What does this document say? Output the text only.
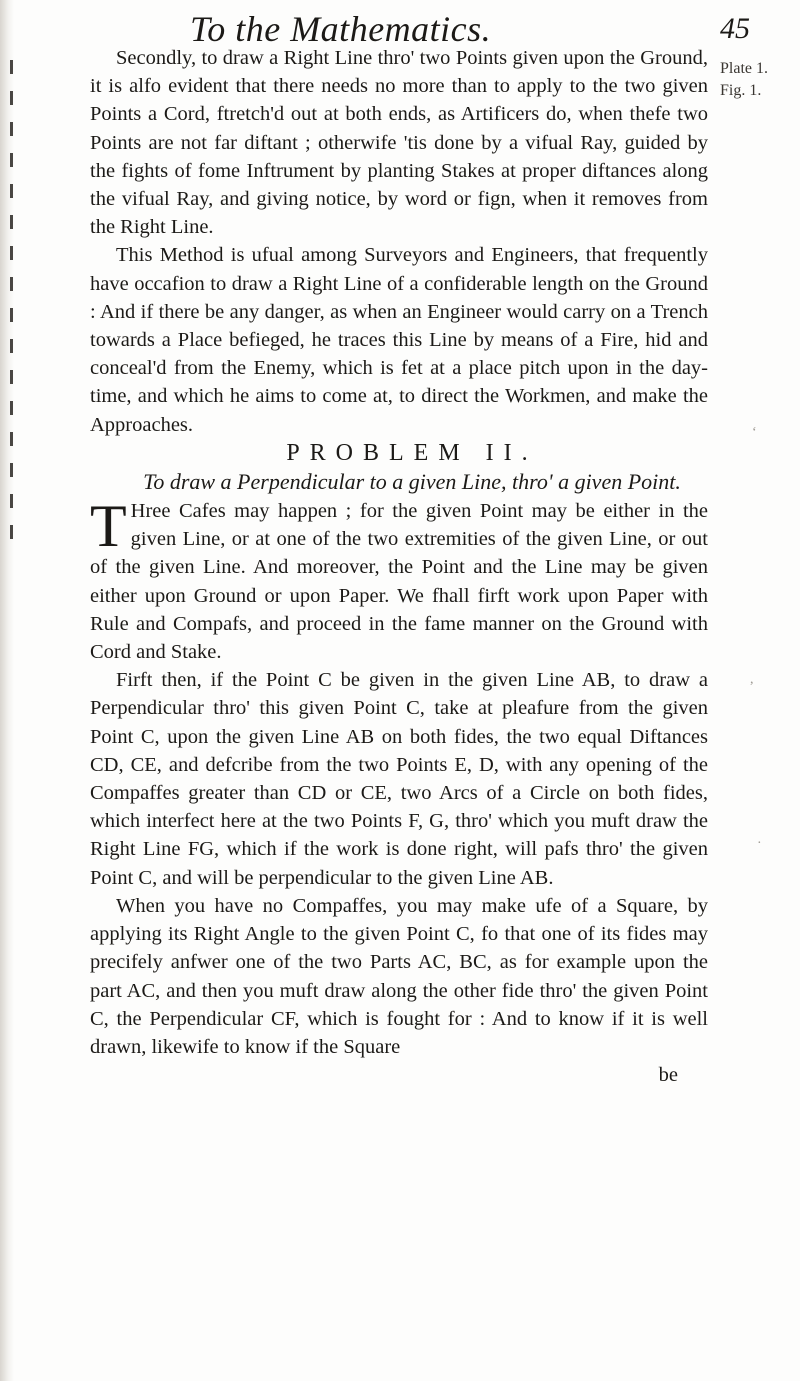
To the Mathematics.	45
Plate 1.
Fig. 1.

Secondly, to draw a Right Line thro' two Points given upon the Ground, it is alfo evident that there needs no more than to apply to the two given Points a Cord, ftretch'd out at both ends, as Artificers do, when thefe two Points are not far diftant ; otherwife 'tis done by a vifual Ray, guided by the fights of fome Inftrument by planting Stakes at proper diftances along the vifual Ray, and giving notice, by word or fign, when it removes from the Right Line.

This Method is ufual among Surveyors and Engineers, that frequently have occafion to draw a Right Line of a confiderable length on the Ground : And if there be any danger, as when an Engineer would carry on a Trench towards a Place befieged, he traces this Line by means of a Fire, hid and conceal'd from the Enemy, which is fet at a place pitch upon in the day-time, and which he aims to come at, to direct the Workmen, and make the Approaches.

PROBLEM II.

To draw a Perpendicular to a given Line, thro' a given Point.

T Hree Cafes may happen ; for the given Point may be either in the given Line, or at one of the two extremities of the given Line, or out of the given Line. And moreover, the Point and the Line may be given either upon Ground or upon Paper. We fhall firft work upon Paper with Rule and Compafs, and proceed in the fame manner on the Ground with Cord and Stake.

Firft then, if the Point C be given in the given Line AB, to draw a Perpendicular thro' this given Point C, take at pleafure from the given Point C, upon the given Line AB on both fides, the two equal Diftances CD, CE, and defcribe from the two Points E, D, with any opening of the Compaffes greater than CD or CE, two Arcs of a Circle on both fides, which interfect here at the two Points F, G, thro' which you muft draw the Right Line FG, which if the work is done right, will pafs thro' the given Point C, and will be perpendicular to the given Line AB.

When you have no Compaffes, you may make ufe of a Square, by applying its Right Angle to the given Point C, fo that one of its fides may precifely anfwer one of the two Parts AC, BC, as for example upon the part AC, and then you muft draw along the other fide thro' the given Point C, the Perpendicular CF, which is fought for : And to know if it is well drawn, likewife to know if the Square

be

‘
,
·
